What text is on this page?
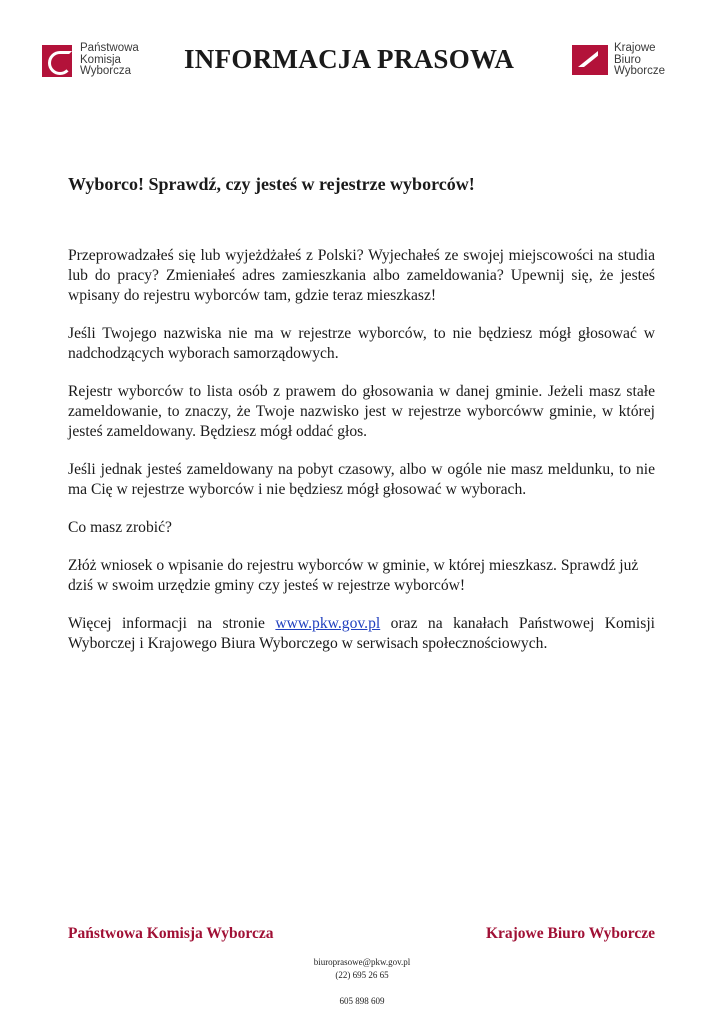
Państwowa
Komisja
Wyborcza INFORMACJA PRASOWA	Krajowe
Biuro
Wyborcze
Wyborco! Sprawdź, czy jesteś w rejestrze wyborców!

Przeprowadzałeś się lub wyjeżdżałeś z Polski? Wyjechałeś ze swojej miejscowości na studia lub do pracy? Zmieniałeś adres zamieszkania albo zameldowania? Upewnij się, że jesteś wpisany do rejestru wyborców tam, gdzie teraz mieszkasz!

Jeśli Twojego nazwiska nie ma w rejestrze wyborców, to nie będziesz mógł głosować w nadchodzących wyborach samorządowych.

Rejestr wyborców to lista osób z prawem do głosowania w danej gminie. Jeżeli masz stałe zameldowanie, to znaczy, że Twoje nazwisko jest w rejestrze wyborcóww gminie, w której jesteś zameldowany. Będziesz mógł oddać głos.

Jeśli jednak jesteś zameldowany na pobyt czasowy, albo w ogóle nie masz meldunku, to nie ma Cię w rejestrze wyborców i nie będziesz mógł głosować w wyborach.

Co masz zrobić?

Złóż wniosek o wpisanie do rejestru wyborców w gminie, w której mieszkasz. Sprawdź już dziś w swoim urzędzie gminy czy jesteś w rejestrze wyborców!

Więcej informacji na stronie www.pkw.gov.pl oraz na kanałach Państwowej Komisji Wyborczej i Krajowego Biura Wyborczego w serwisach społecznościowych.

Państwowa Komisja Wyborcza	Krajowe Biuro Wyborcze

biuroprasowe@pkw.gov.pl
(22) 695 26 65
605 898 609
